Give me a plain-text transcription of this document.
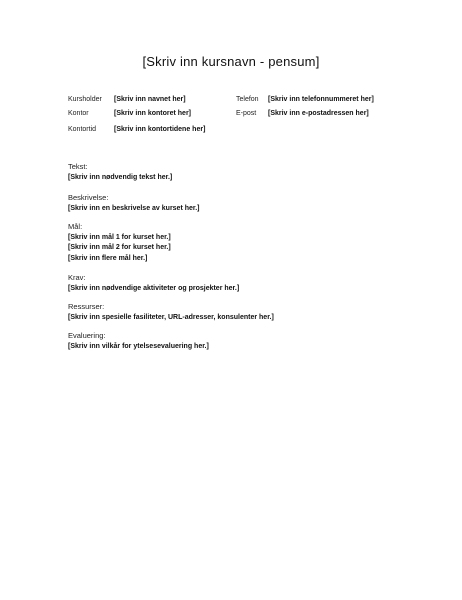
[Skriv inn kursnavn - pensum]
Kursholder [Skriv inn navnet her]	Telefon [Skriv inn telefonnummeret her]
Kontor	[Skriv inn kontoret her]	E-post [Skriv inn e-postadressen her]
Kontortid	[Skriv inn kontortidene her]
Tekst:
[Skriv inn nødvendig tekst her.]
Beskrivelse:
[Skriv inn en beskrivelse av kurset her.]
Mål:
[Skriv inn mål 1 for kurset her.]
[Skriv inn mål 2 for kurset her.]
[Skriv inn flere mål her.]
Krav:
[Skriv inn nødvendige aktiviteter og prosjekter her.]
Ressurser:
[Skriv inn spesielle fasiliteter, URL-adresser, konsulenter her.]
Evaluering:
[Skriv inn vilkår for ytelsesevaluering her.]
